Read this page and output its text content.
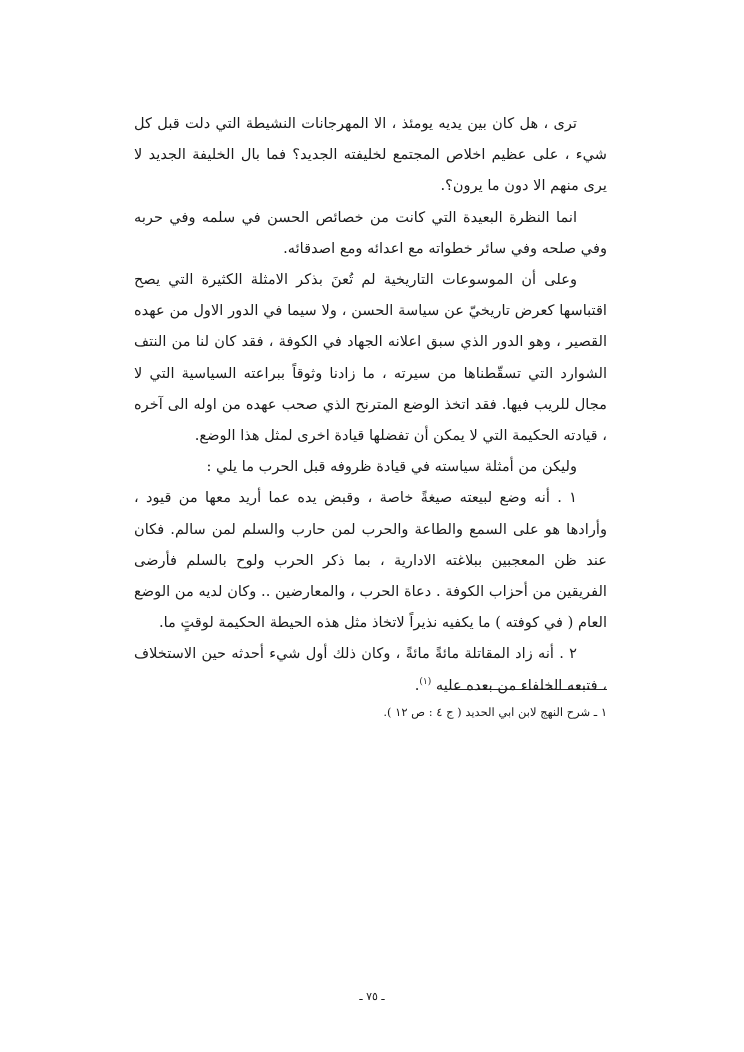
ترى ، هل كان بين يديه يومئذ ، الا المهرجانات النشيطة التي دلت قبل كل شيء ، على عظيم اخلاص المجتمع لخليفته الجديد؟ فما بال الخليفة الجديد لا يرى منهم الا دون ما يرون؟.

انما النظرة البعيدة التي كانت من خصائص الحسن في سلمه وفي حربه وفي صلحه وفي سائر خطواته مع اعدائه ومع اصدقائه.

وعلى أن الموسوعات التاريخية لم تُعنَ بذكر الامثلة الكثيرة التي يصح اقتباسها كعرض تاريخيّ عن سياسة الحسن ، ولا سيما في الدور الاول من عهده القصير ، وهو الدور الذي سبق اعلانه الجهاد في الكوفة ، فقد كان لنا من النتف الشوارد التي تسقّطناها من سيرته ، ما زادنا وثوقاً ببراعته السياسية التي لا مجال للريب فيها. فقد اتخذ الوضع المترنح الذي صحب عهده من اوله الى آخره ، قيادته الحكيمة التي لا يمكن أن تفضلها قيادة اخرى لمثل هذا الوضع.

وليكن من أمثلة سياسته في قيادة ظروفه قبل الحرب ما يلي :

١ . أنه وضع لبيعته صيغةً خاصة ، وقبض يده عما أريد معها من قيود ، وأرادها هو على السمع والطاعة والحرب لمن حارب والسلم لمن سالم. فكان عند ظن المعجبين ببلاغته الادارية ، بما ذكر الحرب ولوح بالسلم فأرضى الفريقين من أحزاب الكوفة . دعاة الحرب ، والمعارضين .. وكان لديه من الوضع العام ( في كوفته ) ما يكفيه نذيراً لاتخاذ مثل هذه الحيطة الحكيمة لوقتٍ ما.

٢ . أنه زاد المقاتلة مائةً مائةً ، وكان ذلك أول شيء أحدثه حين الاستخلاف ، فتبعه الخلفاء من بعده عليه $^{(١)}$.

١ ـ شرح النهج لابن ابي الحديد ( ج ٤ : ص ١٢ ).
ـ ٧٥ ـ
